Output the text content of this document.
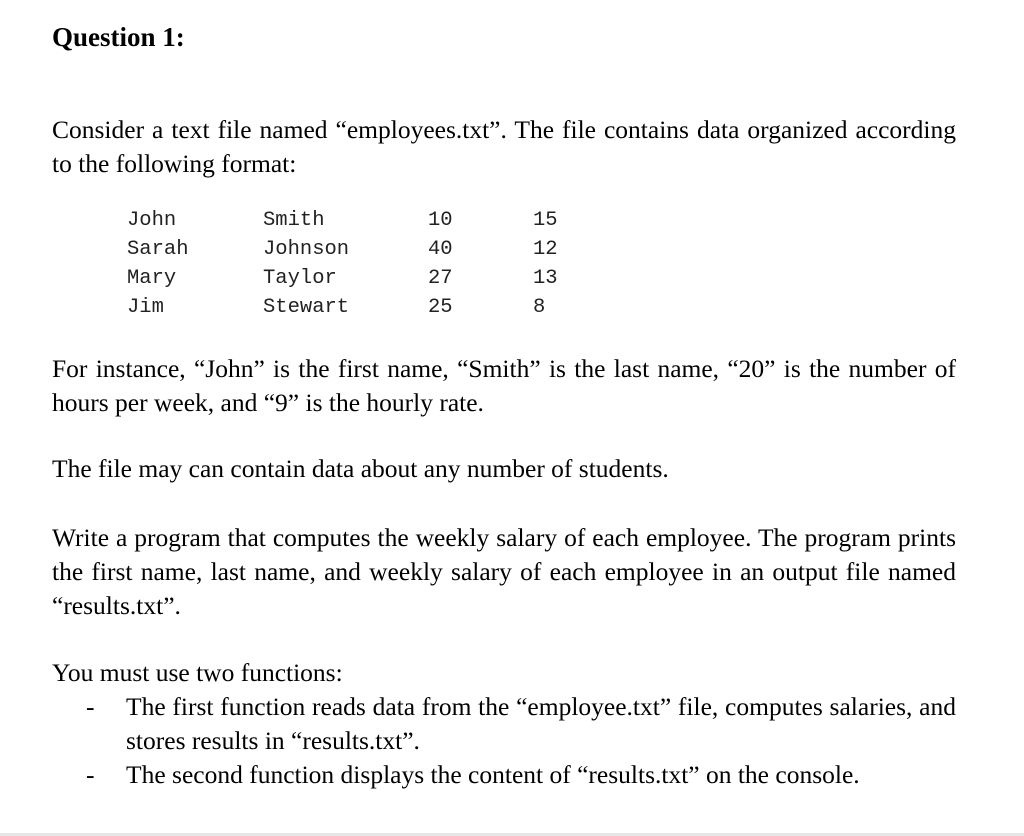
Question 1:

Consider a text file named “employees.txt”. The file contains data organized according to the following format:

John	Smith	10	15
Sarah	Johnson	40	12
Mary	Taylor	27	13
Jim	Stewart	25	8

For instance, “John” is the first name, “Smith” is the last name, “20” is the number of hours per week, and “9” is the hourly rate.

The file may can contain data about any number of students.

Write a program that computes the weekly salary of each employee. The program prints the first name, last name, and weekly salary of each employee in an output file named “results.txt”.

You must use two functions:

- The first function reads data from the “employee.txt” file, computes salaries, and stores results in “results.txt”.
- The second function displays the content of “results.txt” on the console.
